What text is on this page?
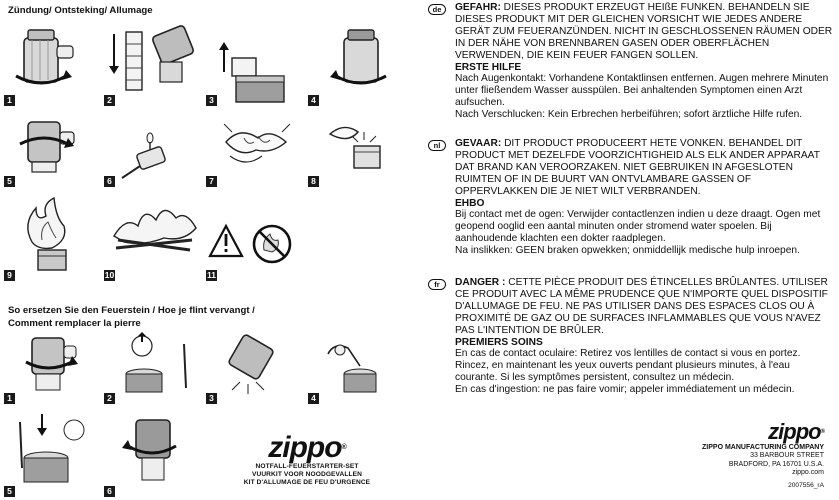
Zündung/ Ontsteking/ Allumage
1	2	3	4
5	6	7	8
9	10	11
So ersetzen Sie den Feuerstein / Hoe je flint vervangt /
Comment remplacer la pierre
1	2	3	4
5	6
zippo®
NOTFALL-FEUERSTARTER-SET
VUURKIT VOOR NOODGEVALLEN
KIT D'ALLUMAGE DE FEU D'URGENCE
de	GEFAHR: DIESES PRODUKT ERZEUGT HEIßE FUNKEN. BEHANDELN SIE DIESES PRODUKT MIT DER GLEICHEN VORSICHT WIE JEDES ANDERE GERÄT ZUM FEUERANZÜNDEN. NICHT IN GESCHLOSSENEN RÄUMEN ODER IN DER NÄHE VON BRENNBAREN GASEN ODER OBERFLÄCHEN VERWENDEN, DIE KEIN FEUER FANGEN SOLLEN.
ERSTE HILFE
Nach Augenkontakt: Vorhandene Kontaktlinsen entfernen. Augen mehrere Minuten unter fließendem Wasser ausspülen. Bei anhaltenden Symptomen einen Arzt aufsuchen.
Nach Verschlucken: Kein Erbrechen herbeiführen; sofort ärztliche Hilfe rufen.
nl	GEVAAR: DIT PRODUCT PRODUCEERT HETE VONKEN. BEHANDEL DIT PRODUCT MET DEZELFDE VOORZICHTIGHEID ALS ELK ANDER APPARAAT DAT BRAND KAN VEROORZAKEN. NIET GEBRUIKEN IN AFGESLOTEN RUIMTEN OF IN DE BUURT VAN ONTVLAMBARE GASSEN OF OPPERVLAKKEN DIE JE NIET WILT VERBRANDEN.
EHBO
Bij contact met de ogen: Verwijder contactlenzen indien u deze draagt. Ogen met geopend ooglid een aantal minuten onder stromend water spoelen. Bij aanhoudende klachten een dokter raadplegen.
Na inslikken: GEEN braken opwekken; onmiddellijk medische hulp inroepen.
fr	DANGER : CETTE PIÈCE PRODUIT DES ÉTINCELLES BRÛLANTES. UTILISER CE PRODUIT AVEC LA MÊME PRUDENCE QUE N'IMPORTE QUEL DISPOSITIF D'ALLUMAGE DE FEU. NE PAS UTILISER DANS DES ESPACES CLOS OU À PROXIMITÉ DE GAZ OU DE SURFACES INFLAMMABLES QUE VOUS N'AVEZ PAS L'INTENTION DE BRÛLER.
PREMIERS SOINS
En cas de contact oculaire: Retirez vos lentilles de contact si vous en portez. Rincez, en maintenant les yeux ouverts pendant plusieurs minutes, à l'eau courante. Si les symptômes persistent, consultez un médecin.
En cas d'ingestion: ne pas faire vomir; appeler immédiatement un médecin.
zippo®
ZIPPO MANUFACTURING COMPANY
33 BARBOUR STREET
BRADFORD, PA 16701 U.S.A.
zippo.com
2007556_rA
